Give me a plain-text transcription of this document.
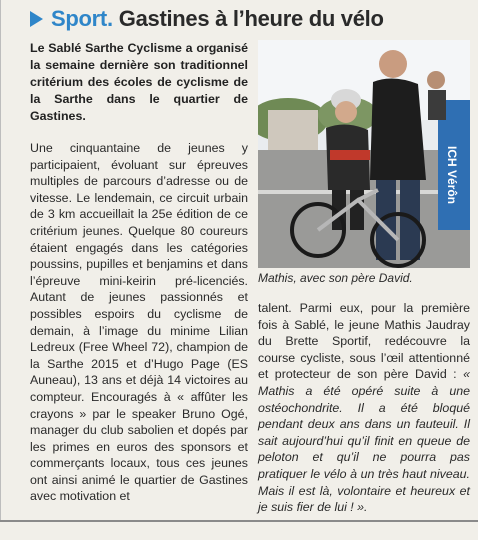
Sport. Gastines à l’heure du vélo

Le Sablé Sarthe Cyclisme a organisé la semaine dernière son traditionnel critérium des écoles de cyclisme de la Sarthe dans le quartier de Gastines.

Une cinquantaine de jeunes y participaient, évoluant sur épreuves multiples de parcours d’adresse ou de vitesse. Le lendemain, ce circuit urbain de 3 km accueillait la 25e édition de ce critérium jeunes. Quelque 80 coureurs étaient engagés dans les catégories poussins, pupilles et benjamins et dans l’épreuve mini-keirin pré-licenciés. Autant de jeunes passionnés et possibles espoirs du cyclisme de demain, à l’image du minime Lilian Ledreux (Free Wheel 72), champion de la Sarthe 2015 et d’Hugo Page (ES Auneau), 13 ans et déjà 14 victoires au compteur. Encouragés à « affûter les crayons » par le speaker Bruno Ogé, manager du club sabolien et dopés par les primes en euros des sponsors et commerçants locaux, tous ces jeunes ont ainsi animé le quartier de Gastines avec motivation et

ICH Vérôn

Mathis, avec son père David.

talent. Parmi eux, pour la première fois à Sablé, le jeune Mathis Jaudray du Brette Sportif, redécouvre la course cycliste, sous l’œil attentionné et protecteur de son père David : « Mathis a été opéré suite à une ostéochondrite. Il a été bloqué pendant deux ans dans un fauteuil. Il sait aujourd’hui qu’il finit en queue de peloton et qu’il ne pourra pas pratiquer le vélo à un très haut niveau. Mais il est là, volontaire et heureux et je suis fier de lui ! ».
